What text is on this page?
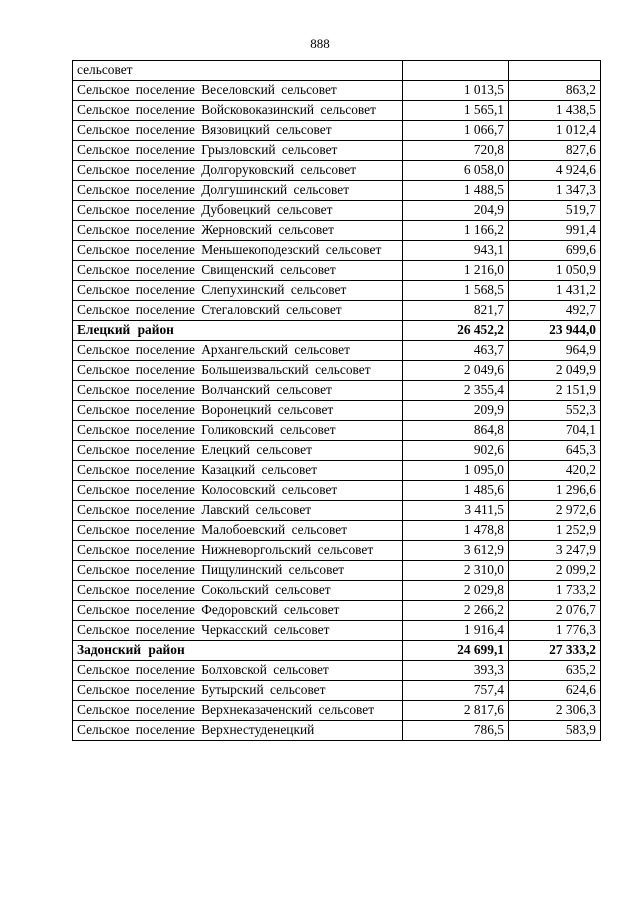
888
сельсовет		
Сельское поселение Веселовский сельсовет	1 013,5	863,2
Сельское поселение Войсковоказинский сельсовет	1 565,1	1 438,5
Сельское поселение Вязовицкий сельсовет	1 066,7	1 012,4
Сельское поселение Грызловский сельсовет	720,8	827,6
Сельское поселение Долгоруковский сельсовет	6 058,0	4 924,6
Сельское поселение Долгушинский сельсовет	1 488,5	1 347,3
Сельское поселение Дубовецкий сельсовет	204,9	519,7
Сельское поселение Жерновский сельсовет	1 166,2	991,4
Сельское поселение Меньшекоподезский сельсовет	943,1	699,6
Сельское поселение Свищенский сельсовет	1 216,0	1 050,9
Сельское поселение Слепухинский сельсовет	1 568,5	1 431,2
Сельское поселение Стегаловский сельсовет	821,7	492,7
Елецкий район	26 452,2	23 944,0
Сельское поселение Архангельский сельсовет	463,7	964,9
Сельское поселение Большеизвальский сельсовет	2 049,6	2 049,9
Сельское поселение Волчанский сельсовет	2 355,4	2 151,9
Сельское поселение Воронецкий сельсовет	209,9	552,3
Сельское поселение Голиковский сельсовет	864,8	704,1
Сельское поселение Елецкий сельсовет	902,6	645,3
Сельское поселение Казацкий сельсовет	1 095,0	420,2
Сельское поселение Колосовский сельсовет	1 485,6	1 296,6
Сельское поселение Лавский сельсовет	3 411,5	2 972,6
Сельское поселение Малобоевский сельсовет	1 478,8	1 252,9
Сельское поселение Нижневоргольский сельсовет	3 612,9	3 247,9
Сельское поселение Пищулинский сельсовет	2 310,0	2 099,2
Сельское поселение Сокольский сельсовет	2 029,8	1 733,2
Сельское поселение Федоровский сельсовет	2 266,2	2 076,7
Сельское поселение Черкасский сельсовет	1 916,4	1 776,3
Задонский район	24 699,1	27 333,2
Сельское поселение Болховской сельсовет	393,3	635,2
Сельское поселение Бутырский сельсовет	757,4	624,6
Сельское поселение Верхнеказаченский сельсовет	2 817,6	2 306,3
Сельское поселение Верхнестуденецкий	786,5	583,9
